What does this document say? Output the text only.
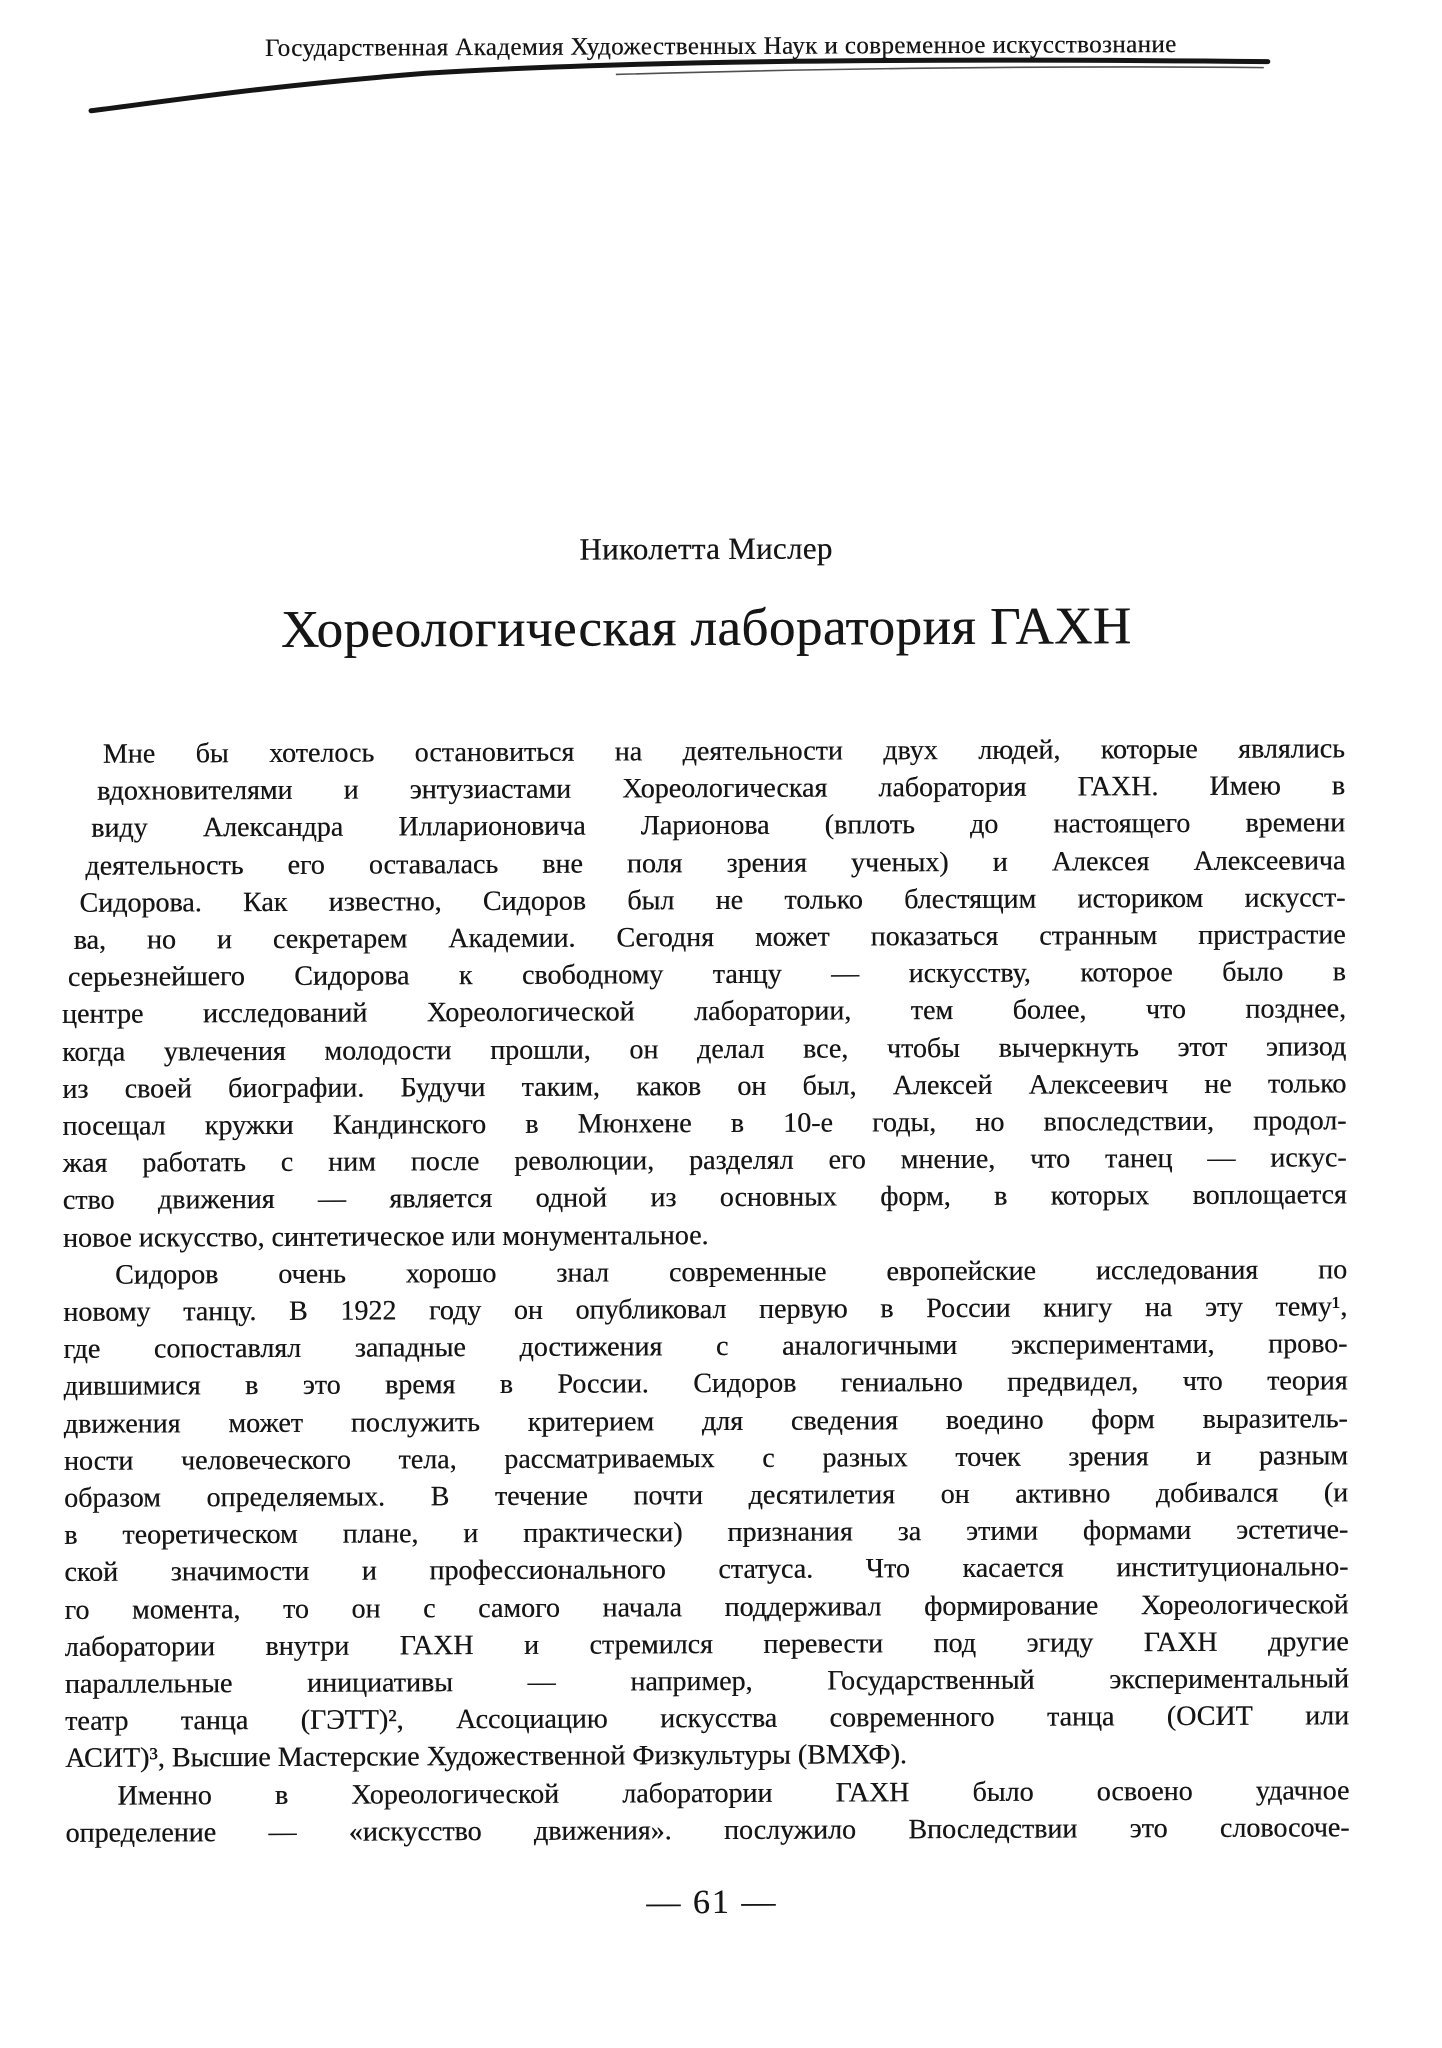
Государственная Академия Художественных Наук и современное искусствознание
Николетта Мислер
Хореологическая лаборатория ГАХН
Мне бы хотелось остановиться на деятельности двух людей, которые являлись
вдохновителями и энтузиастами Хореологическая лаборатория ГАХН. Имею в
виду Александра Илларионовича Ларионова (вплоть до настоящего времени
деятельность его оставалась вне поля зрения ученых) и Алексея Алексеевича
Сидорова. Как известно, Сидоров был не только блестящим историком искусст-
ва, но и секретарем Академии. Сегодня может показаться странным пристрастие
серьезнейшего Сидорова к свободному танцу — искусству, которое было в
центре исследований Хореологической лаборатории, тем более, что позднее,
когда увлечения молодости прошли, он делал все, чтобы вычеркнуть этот эпизод
из своей биографии. Будучи таким, каков он был, Алексей Алексеевич не только
посещал кружки Кандинского в Мюнхене в 10-е годы, но впоследствии, продол-
жая работать с ним после революции, разделял его мнение, что танец — искус-
ство движения — является одной из основных форм, в которых воплощается
новое искусство, синтетическое или монументальное.
Сидоров очень хорошо знал современные европейские исследования по
новому танцу. В 1922 году он опубликовал первую в России книгу на эту тему¹,
где сопоставлял западные достижения с аналогичными экспериментами, прово-
дившимися в это время в России. Сидоров гениально предвидел, что теория
движения может послужить критерием для сведения воедино форм выразитель-
ности человеческого тела, рассматриваемых с разных точек зрения и разным
образом определяемых. В течение почти десятилетия он активно добивался (и
в теоретическом плане, и практически) признания за этими формами эстетиче-
ской значимости и профессионального статуса. Что касается институционально-
го момента, то он с самого начала поддерживал формирование Хореологической
лаборатории внутри ГАХН и стремился перевести под эгиду ГАХН другие
параллельные инициативы — например, Государственный экспериментальный
театр танца (ГЭТТ)², Ассоциацию искусства современного танца (ОСИТ или
АСИТ)³, Высшие Мастерские Художественной Физкультуры (ВМХФ).
Именно в Хореологической лаборатории ГАХН было освоено удачное
определение — «искусство движения». послужило Впоследствии это словосоче-
— 61 —
